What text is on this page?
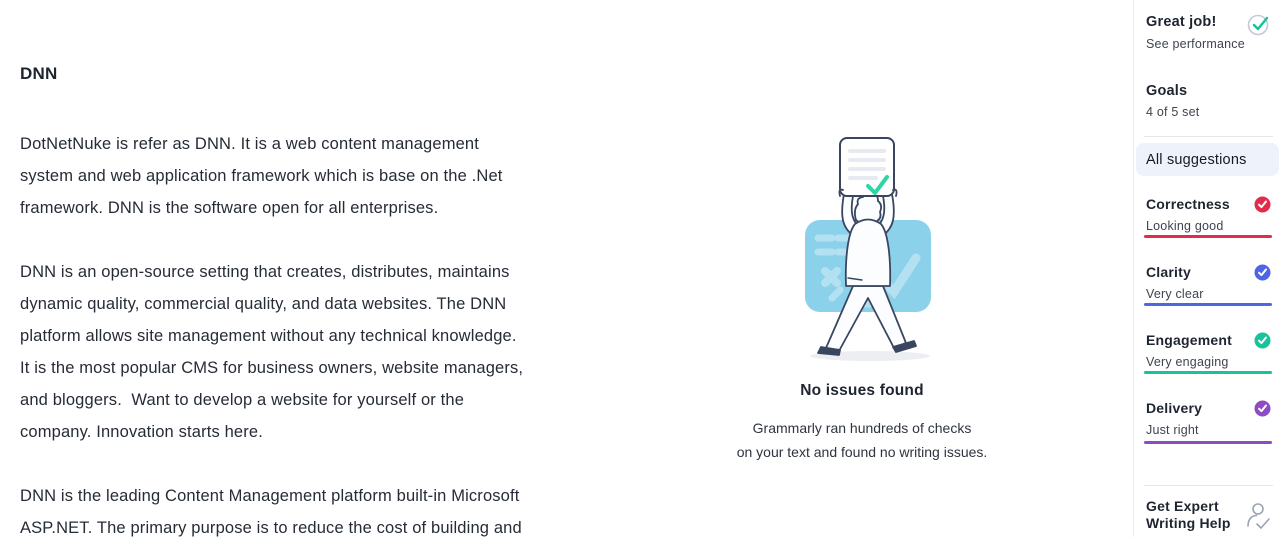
DNN
DotNetNuke is refer as DNN. It is a web content management
system and web application framework which is base on the .Net
framework. DNN is the software open for all enterprises.
DNN is an open-source setting that creates, distributes, maintains
dynamic quality, commercial quality, and data websites. The DNN
platform allows site management without any technical knowledge.
It is the most popular CMS for business owners, website managers,
and bloggers.  Want to develop a website for yourself or the
company. Innovation starts here.
DNN is the leading Content Management platform built-in Microsoft
ASP.NET. The primary purpose is to reduce the cost of building and
No issues found
Grammarly ran hundreds of checks
on your text and found no writing issues.
Great job!
See performance
Goals
4 of 5 set
All suggestions
Correctness
Looking good
Clarity
Very clear
Engagement
Very engaging
Delivery
Just right
Get Expert
Writing Help
